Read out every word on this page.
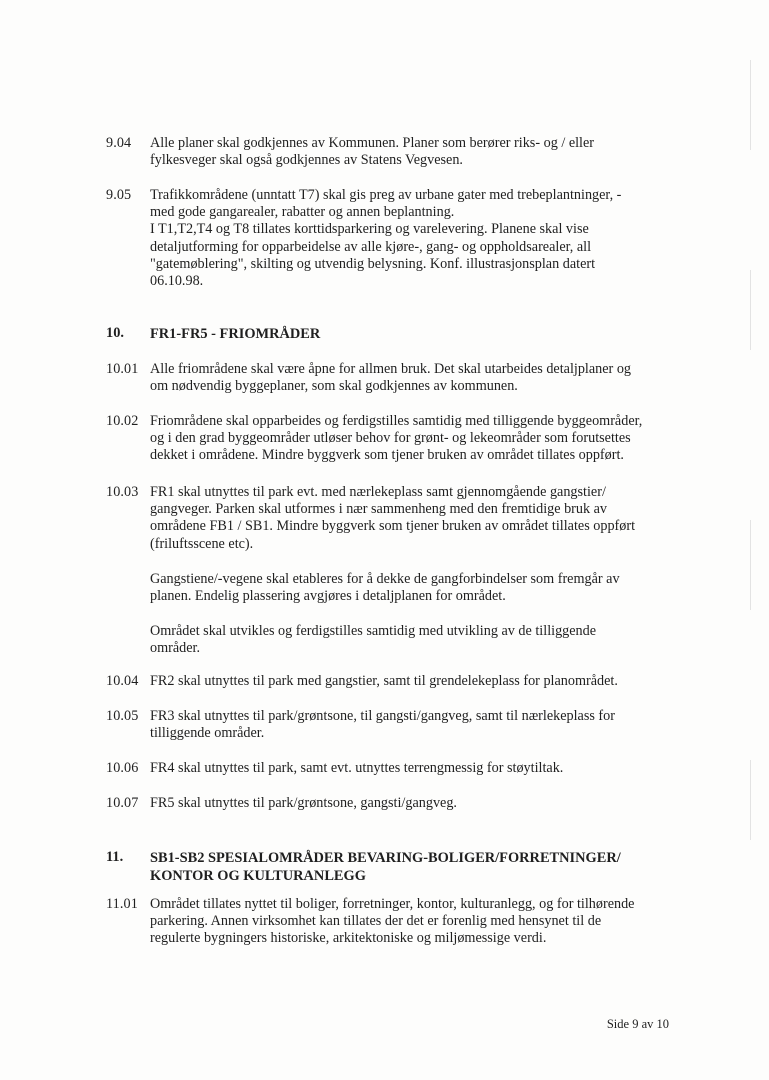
9.04 Alle planer skal godkjennes av Kommunen. Planer som berører riks- og / eller
fylkesveger skal også godkjennes av Statens Vegvesen.
9.05 Trafikkområdene (unntatt T7) skal gis preg av urbane gater med trebeplantninger, -
med gode gangarealer, rabatter og annen beplantning.
I T1,T2,T4 og T8 tillates korttidsparkering og varelevering. Planene skal vise
detaljutforming for opparbeidelse av alle kjøre-, gang- og oppholdsarealer, all
"gatemøblering", skilting og utvendig belysning. Konf. illustrasjonsplan datert
06.10.98.
10. FR1-FR5 - FRIOMRÅDER
10.01 Alle friområdene skal være åpne for allmen bruk. Det skal utarbeides detaljplaner og
om nødvendig byggeplaner, som skal godkjennes av kommunen.
10.02 Friområdene skal opparbeides og ferdigstilles samtidig med tilliggende byggeområder,
og i den grad byggeområder utløser behov for grønt- og lekeområder som forutsettes
dekket i områdene. Mindre byggverk som tjener bruken av området tillates oppført.
10.03 FR1 skal utnyttes til park evt. med nærlekeplass samt gjennomgående gangstier/
gangveger. Parken skal utformes i nær sammenheng med den fremtidige bruk av
områdene FB1 / SB1. Mindre byggverk som tjener bruken av området tillates oppført
(friluftsscene etc).
Gangstiene/-vegene skal etableres for å dekke de gangforbindelser som fremgår av
planen. Endelig plassering avgjøres i detaljplanen for området.
Området skal utvikles og ferdigstilles samtidig med utvikling av de tilliggende
områder.
10.04 FR2 skal utnyttes til park med gangstier, samt til grendelekeplass for planområdet.
10.05 FR3 skal utnyttes til park/grøntsone, til gangsti/gangveg, samt til nærlekeplass for
tilliggende områder.
10.06 FR4 skal utnyttes til park, samt evt. utnyttes terrengmessig for støytiltak.
10.07 FR5 skal utnyttes til park/grøntsone, gangsti/gangveg.
11. SB1-SB2 SPESIALOMRÅDER BEVARING-BOLIGER/FORRETNINGER/
KONTOR OG KULTURANLEGG
11.01 Området tillates nyttet til boliger, forretninger, kontor, kulturanlegg, og for tilhørende
parkering. Annen virksomhet kan tillates der det er forenlig med hensynet til de
regulerte bygningers historiske, arkitektoniske og miljømessige verdi.
Side 9 av 10
